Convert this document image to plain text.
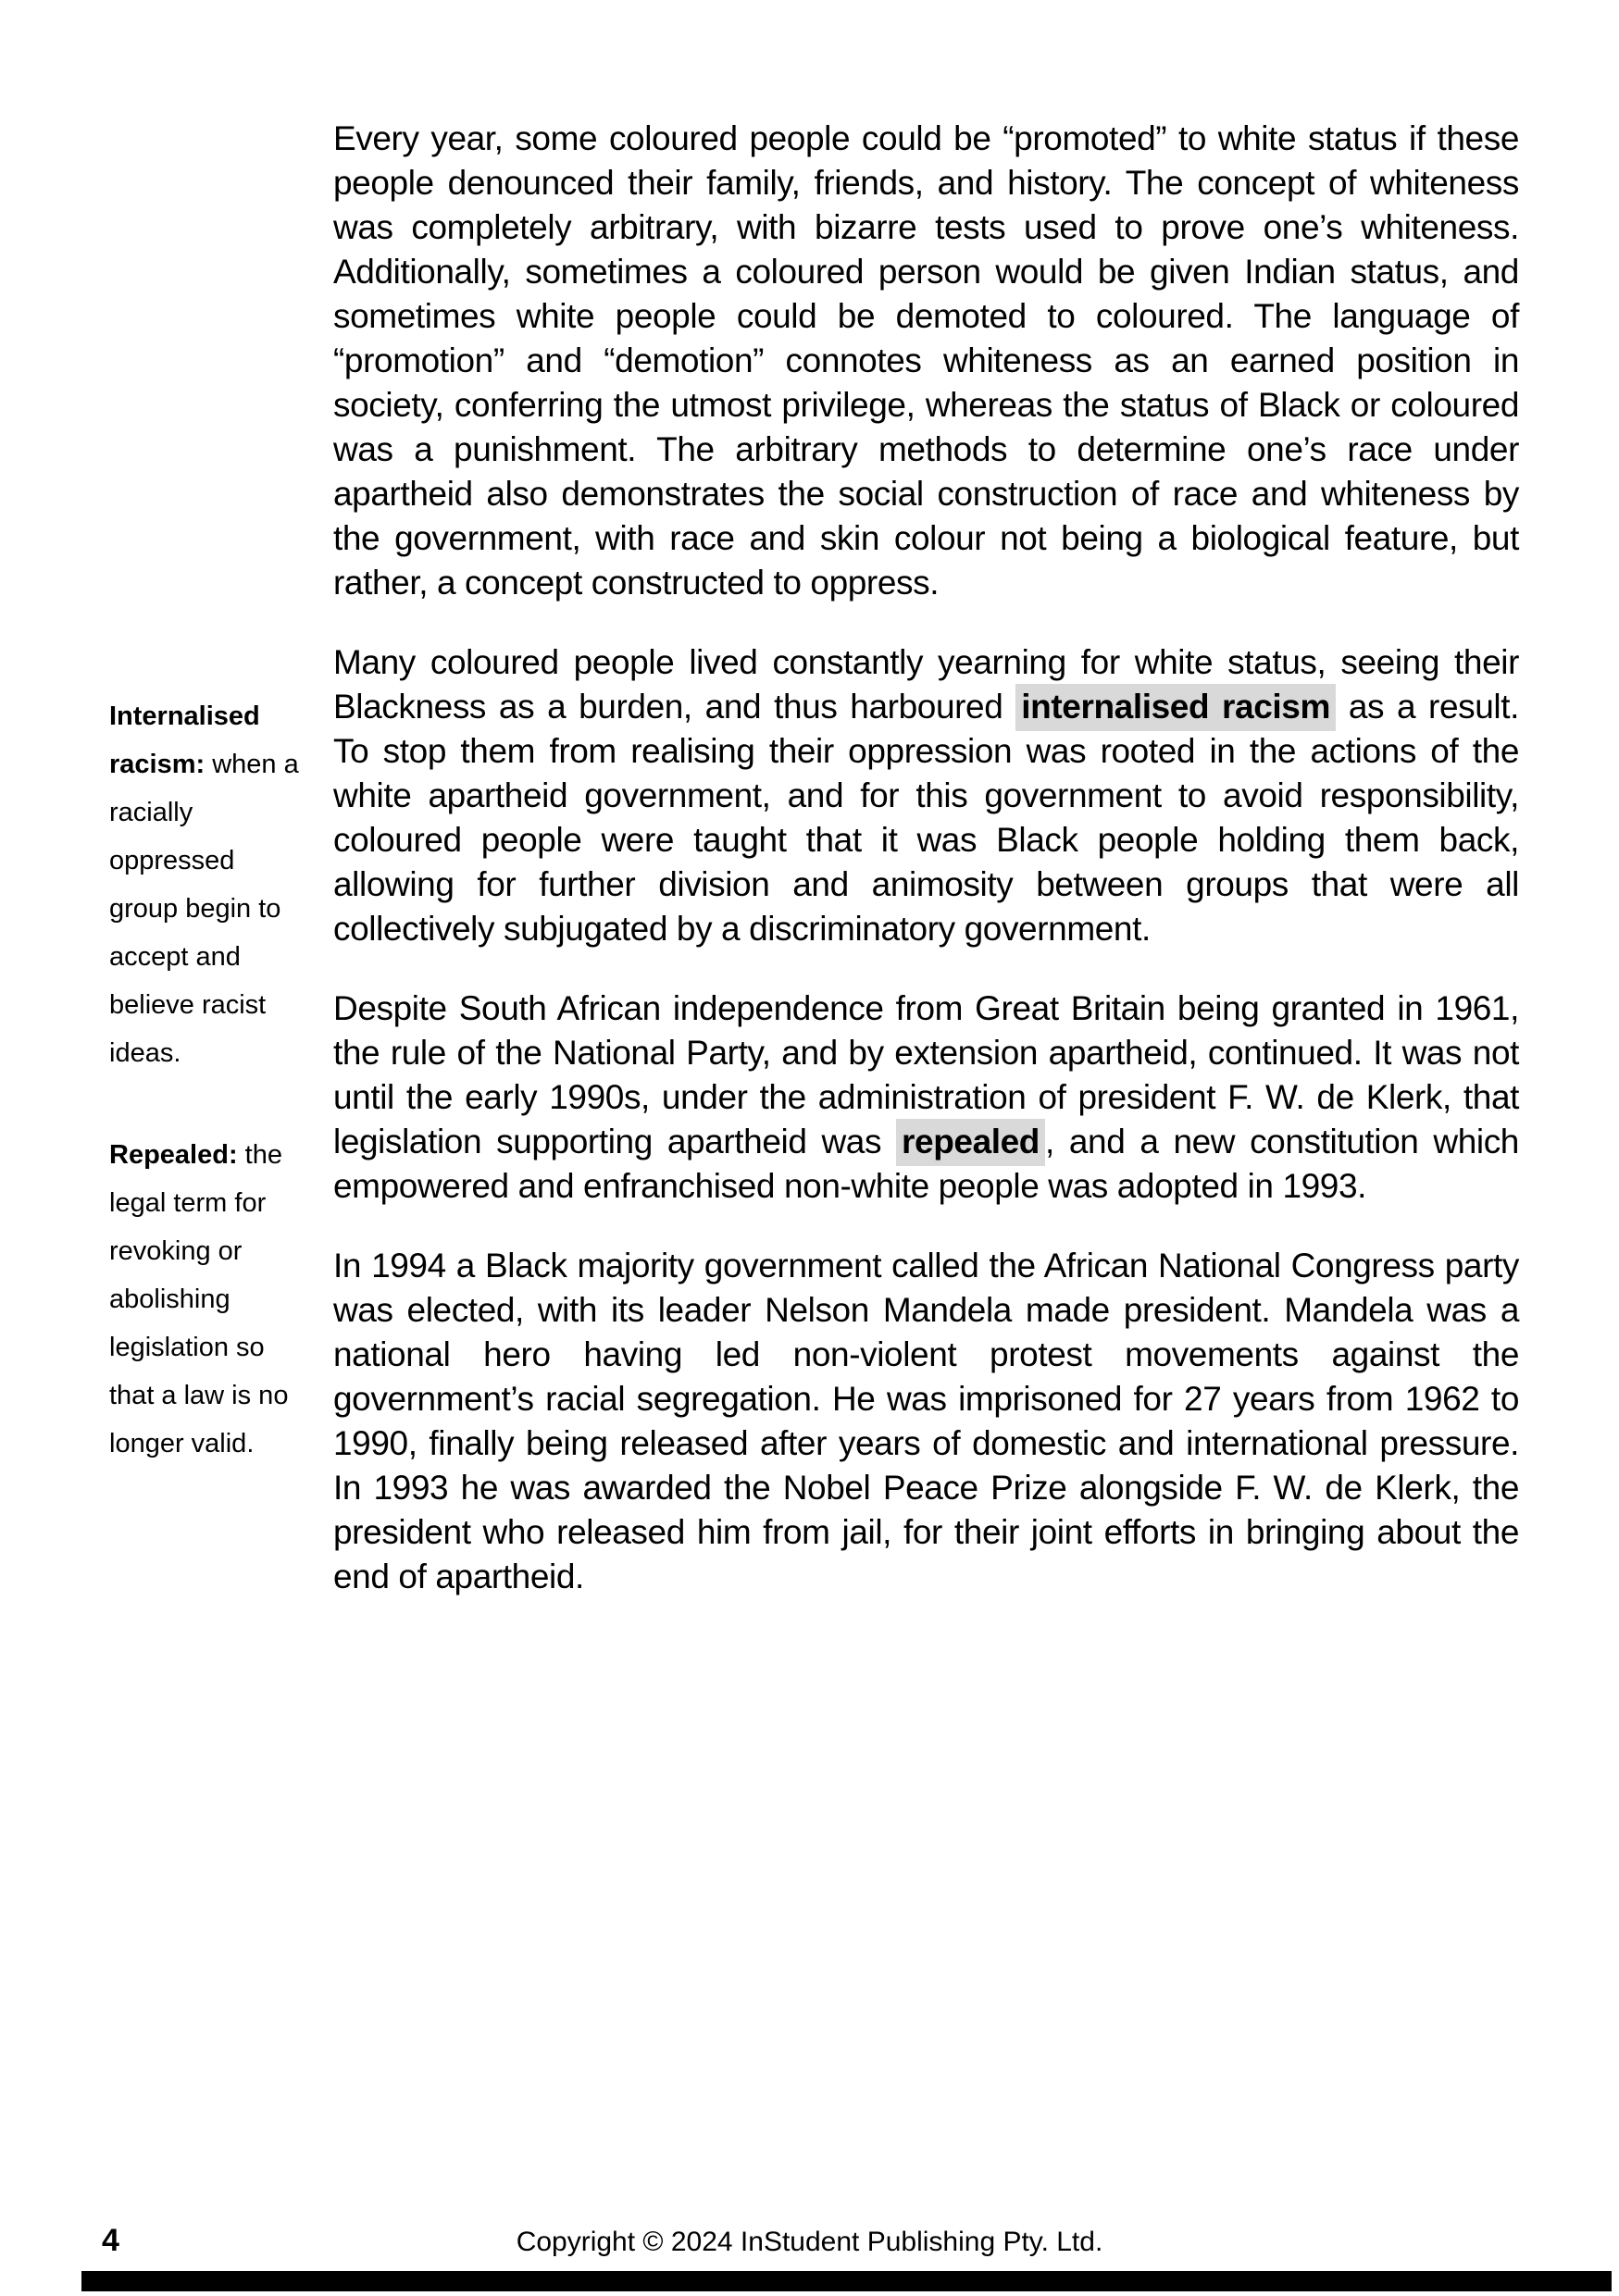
Internalised racism: when a racially oppressed group begin to accept and believe racist ideas.
Repealed: the legal term for revoking or abolishing legislation so that a law is no longer valid.

Every year, some coloured people could be “promoted” to white status if these people denounced their family, friends, and history. The concept of whiteness was completely arbitrary, with bizarre tests used to prove one’s whiteness. Additionally, sometimes a coloured person would be given Indian status, and sometimes white people could be demoted to coloured. The language of “promotion” and “demotion” connotes whiteness as an earned position in society, conferring the utmost privilege, whereas the status of Black or coloured was a punishment. The arbitrary methods to determine one’s race under apartheid also demonstrates the social construction of race and whiteness by the government, with race and skin colour not being a biological feature, but rather, a concept constructed to oppress.

Many coloured people lived constantly yearning for white status, seeing their Blackness as a burden, and thus harboured internalised racism as a result. To stop them from realising their oppression was rooted in the actions of the white apartheid government, and for this government to avoid responsibility, coloured people were taught that it was Black people holding them back, allowing for further division and animosity between groups that were all collectively subjugated by a discriminatory government.

Despite South African independence from Great Britain being granted in 1961, the rule of the National Party, and by extension apartheid, continued. It was not until the early 1990s, under the administration of president F. W. de Klerk, that legislation supporting apartheid was repealed , and a new constitution which empowered and enfranchised non-white people was adopted in 1993.

In 1994 a Black majority government called the African National Congress party was elected, with its leader Nelson Mandela made president. Mandela was a national hero having led non-violent protest movements against the government’s racial segregation. He was imprisoned for 27 years from 1962 to 1990, finally being released after years of domestic and international pressure. In 1993 he was awarded the Nobel Peace Prize alongside F. W. de Klerk, the president who released him from jail, for their joint efforts in bringing about the end of apartheid.

4	Copyright © 2024 InStudent Publishing Pty. Ltd.
